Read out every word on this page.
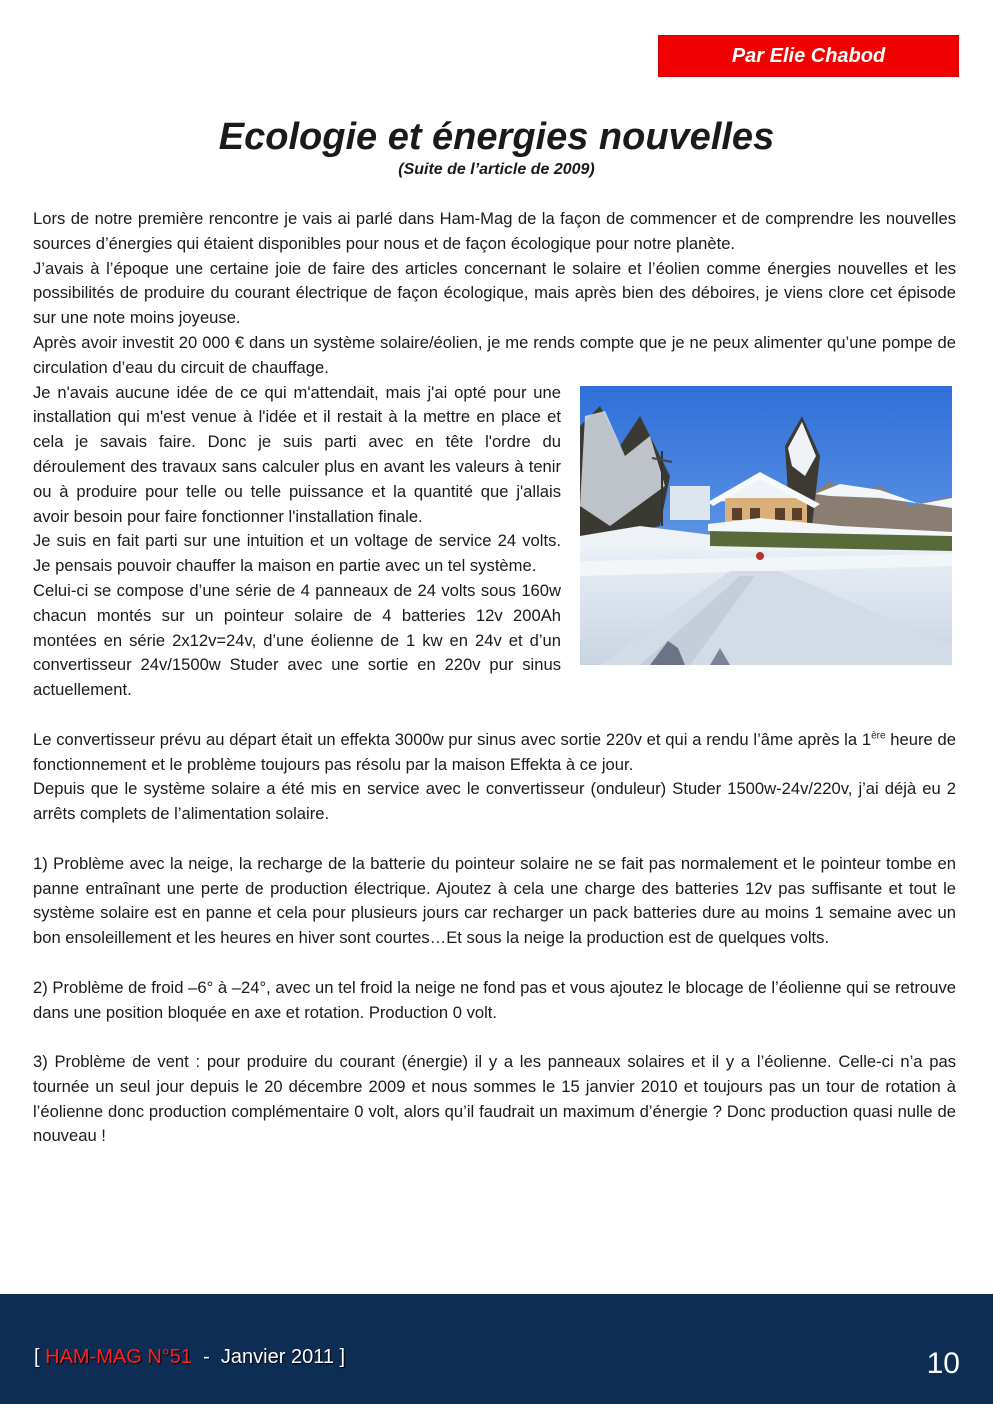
Par Elie Chabod
Ecologie et énergies nouvelles
(Suite de l’article de 2009)

Lors de notre première rencontre je vais ai parlé dans Ham-Mag de la façon de commencer et de comprendre les nouvelles sources d’énergies qui étaient disponibles pour nous et de façon écologique pour notre planète.

J’avais à l’époque une certaine joie de faire des articles concernant le solaire et l’éolien comme énergies nouvelles et les possibilités de produire du courant électrique de façon écologique, mais après bien des déboires, je viens clore cet épisode sur une note moins joyeuse.

Après avoir investit 20 000 € dans un système solaire/éolien, je me rends compte que je ne peux alimenter qu’une pompe de circulation d’eau du circuit de chauffage.

Je n'avais aucune idée de ce qui m'attendait, mais j'ai opté pour une installation qui m'est venue à l'idée et il restait à la mettre en place et cela je savais faire. Donc je suis parti avec en tête l'ordre du déroulement des travaux sans calculer plus en avant les valeurs à tenir ou à produire pour telle ou telle puissance et la quantité que j'allais avoir besoin pour faire fonctionner l'installation finale.

Je suis en fait parti sur une intuition et un voltage de service 24 volts. Je pensais pouvoir chauffer la maison en partie avec un tel système.

Celui-ci se compose d’une série de 4 panneaux de 24 volts sous 160w chacun montés sur un pointeur solaire de 4 batteries 12v 200Ah montées en série 2x12v=24v, d’une éolienne de 1 kw en 24v et d’un convertisseur 24v/1500w Studer avec une sortie en 220v pur sinus actuellement.

Le convertisseur prévu au départ était un effekta 3000w pur sinus avec sortie 220v et qui a rendu l’âme après la 1ère heure de fonctionnement et le problème toujours pas résolu par la maison Effekta à ce jour.

Depuis que le système solaire a été mis en service avec le convertisseur (onduleur) Studer 1500w-24v/220v, j’ai déjà eu 2 arrêts complets de l’alimentation solaire.

1) Problème avec la neige, la recharge de la batterie du pointeur solaire ne se fait pas normalement et le pointeur tombe en panne entraînant une perte de production électrique. Ajoutez à cela une charge des batteries 12v pas suffisante et tout le système solaire est en panne et cela pour plusieurs jours car recharger un pack batteries dure au moins 1 semaine avec un bon ensoleillement et les heures en hiver sont courtes…Et sous la neige la production est de quelques volts.

2) Problème de froid –6° à –24°, avec un tel froid la neige ne fond pas et vous ajoutez le blocage de l’éolienne qui se retrouve dans une position bloquée en axe et rotation. Production 0 volt.

3) Problème de vent : pour produire du courant (énergie) il y a les panneaux solaires et il y a l’éolienne. Celle-ci n’a pas tournée un seul jour depuis le 20 décembre 2009 et nous sommes le 15 janvier 2010 et toujours pas un tour de rotation à l’éolienne donc production complémentaire 0 volt, alors qu’il faudrait un maximum d’énergie ? Donc production quasi nulle de nouveau !

[ HAM-MAG N°51  -  Janvier 2011 ]	10
